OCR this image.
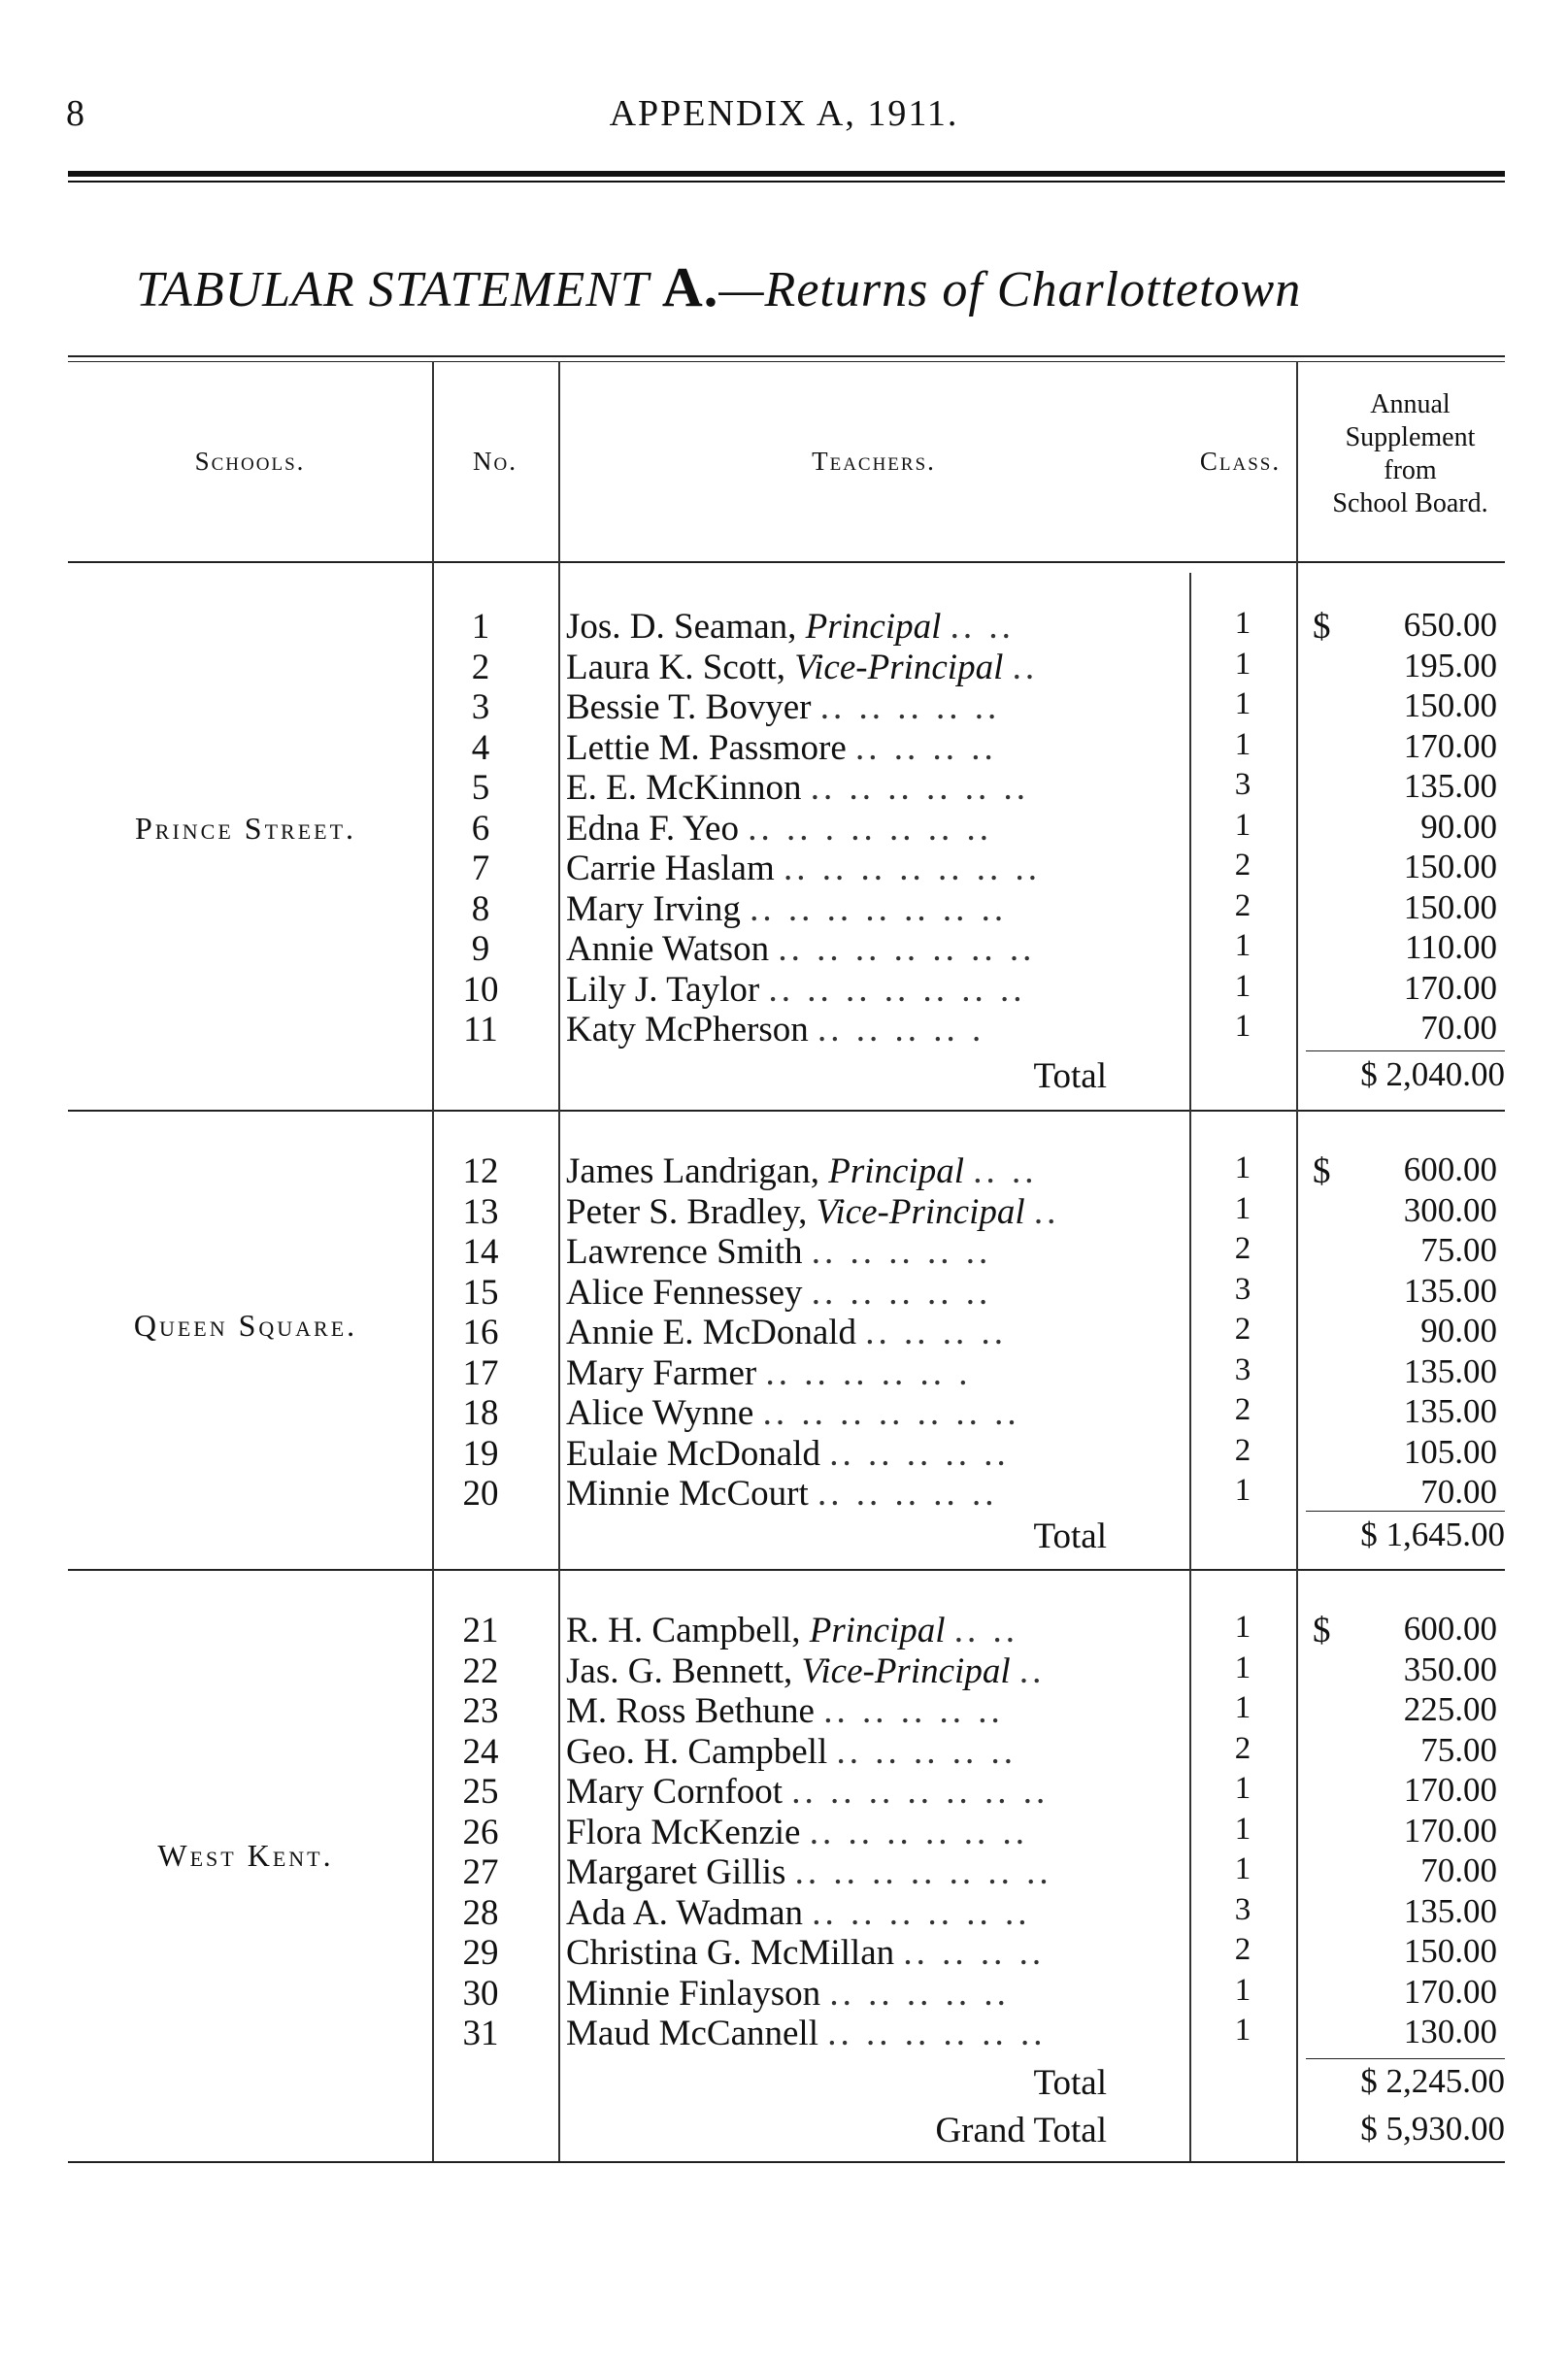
8	APPENDIX A, 1911.
TABULAR STATEMENT A.—Returns of Charlottetown
Schools.	No.	Teachers.	Class.
Annual
Supplement
from
School Board.
Prince Street.
1	Jos. D. Seaman, Principal .. ..	1	$	650.00
2	Laura K. Scott, Vice-Principal ..	1	195.00
3	Bessie T. Bovyer .. .. .. .. ..	1	150.00
4	Lettie M. Passmore .. .. .. ..	1	170.00
5	E. E. McKinnon .. .. .. .. .. ..	3	135.00
6	Edna F. Yeo .. .. . .. .. .. ..	1	90.00
7	Carrie Haslam .. .. .. .. .. .. ..	2	150.00
8	Mary Irving .. .. .. .. .. .. ..	2	150.00
9	Annie Watson .. .. .. .. .. .. ..	1	110.00
10	Lily J. Taylor .. .. .. .. .. .. ..	1	170.00
11	Katy McPherson .. .. .. .. .	1	70.00
Total	$ 2,040.00
Queen Square.
12	James Landrigan, Principal .. ..	1	$	600.00
13	Peter S. Bradley, Vice-Principal ..	1	300.00
14	Lawrence Smith .. .. .. .. ..	2	75.00
15	Alice Fennessey .. .. .. .. ..	3	135.00
16	Annie E. McDonald .. .. .. ..	2	90.00
17	Mary Farmer .. .. .. .. .. .	3	135.00
18	Alice Wynne .. .. .. .. .. .. ..	2	135.00
19	Eulaie McDonald .. .. .. .. ..	2	105.00
20	Minnie McCourt .. .. .. .. ..	1	70.00
Total	$ 1,645.00
West Kent.
21	R. H. Campbell, Principal .. ..	1	$	600.00
22	Jas. G. Bennett, Vice-Principal ..	1	350.00
23	M. Ross Bethune .. .. .. .. ..	1	225.00
24	Geo. H. Campbell .. .. .. .. ..	2	75.00
25	Mary Cornfoot .. .. .. .. .. .. ..	1	170.00
26	Flora McKenzie .. .. .. .. .. ..	1	170.00
27	Margaret Gillis .. .. .. .. .. .. ..	1	70.00
28	Ada A. Wadman .. .. .. .. .. ..	3	135.00
29	Christina G. McMillan .. .. .. ..	2	150.00
30	Minnie Finlayson .. .. .. .. ..	1	170.00
31	Maud McCannell .. .. .. .. .. ..	1	130.00
Total	$ 2,245.00
Grand Total	$ 5,930.00
